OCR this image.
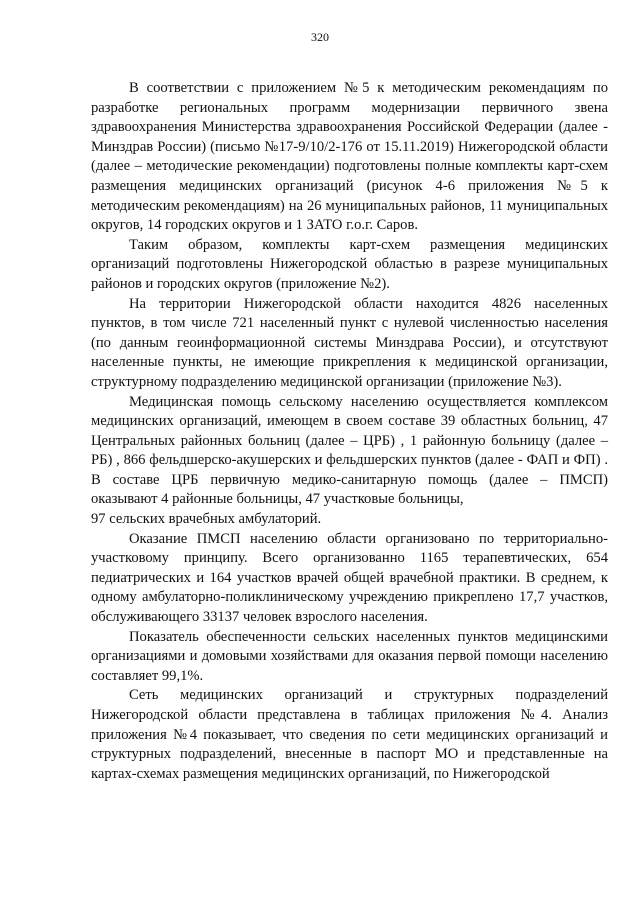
320

В соответствии с приложением №5 к методическим рекомендациям по разработке региональных программ модернизации первичного звена здравоохранения Министерства здравоохранения Российской Федерации (далее - Минздрав России) (письмо №17-9/10/2-176 от 15.11.2019) Нижегородской области (далее – методические рекомендации) подготовлены полные комплекты карт-схем размещения медицинских организаций (рисунок 4-6 приложения №5 к методическим рекомендациям) на 26 муниципальных районов, 11 муниципальных округов, 14 городских округов и 1 ЗАТО г.о.г. Саров.

Таким образом, комплекты карт-схем размещения медицинских организаций подготовлены Нижегородской областью в разрезе муниципальных районов и городских округов (приложение №2).

На территории Нижегородской области находится 4826 населенных пунктов, в том числе 721 населенный пункт с нулевой численностью населения (по данным геоинформационной системы Минздрава России), и отсутствуют населенные пункты, не имеющие прикрепления к медицинской организации, структурному подразделению медицинской организации (приложение №3).

Медицинская помощь сельскому населению осуществляется комплексом медицинских организаций, имеющем в своем составе 39 областных больниц, 47 Центральных районных больниц (далее – ЦРБ) , 1 районную больницу (далее – РБ) , 866 фельдшерско-акушерских и фельдшерских пунктов (далее - ФАП и ФП) . В составе ЦРБ первичную медико-санитарную помощь (далее – ПМСП) оказывают 4 районные больницы, 47 участковые больницы,

97 сельских врачебных амбулаторий.

Оказание ПМСП населению области организовано по территориально-участковому принципу. Всего организованно 1165 терапевтических, 654 педиатрических и 164 участков врачей общей врачебной практики. В среднем, к одному амбулаторно-поликлиническому учреждению прикреплено 17,7 участков, обслуживающего 33137 человек взрослого населения.

Показатель обеспеченности сельских населенных пунктов медицинскими организациями и домовыми хозяйствами для оказания первой помощи населению составляет 99,1%.

Сеть медицинских организаций и структурных подразделений Нижегородской области представлена в таблицах приложения №4. Анализ приложения №4 показывает, что сведения по сети медицинских организаций и структурных подразделений, внесенные в паспорт МО и представленные на картах-схемах размещения медицинских организаций, по Нижегородской
